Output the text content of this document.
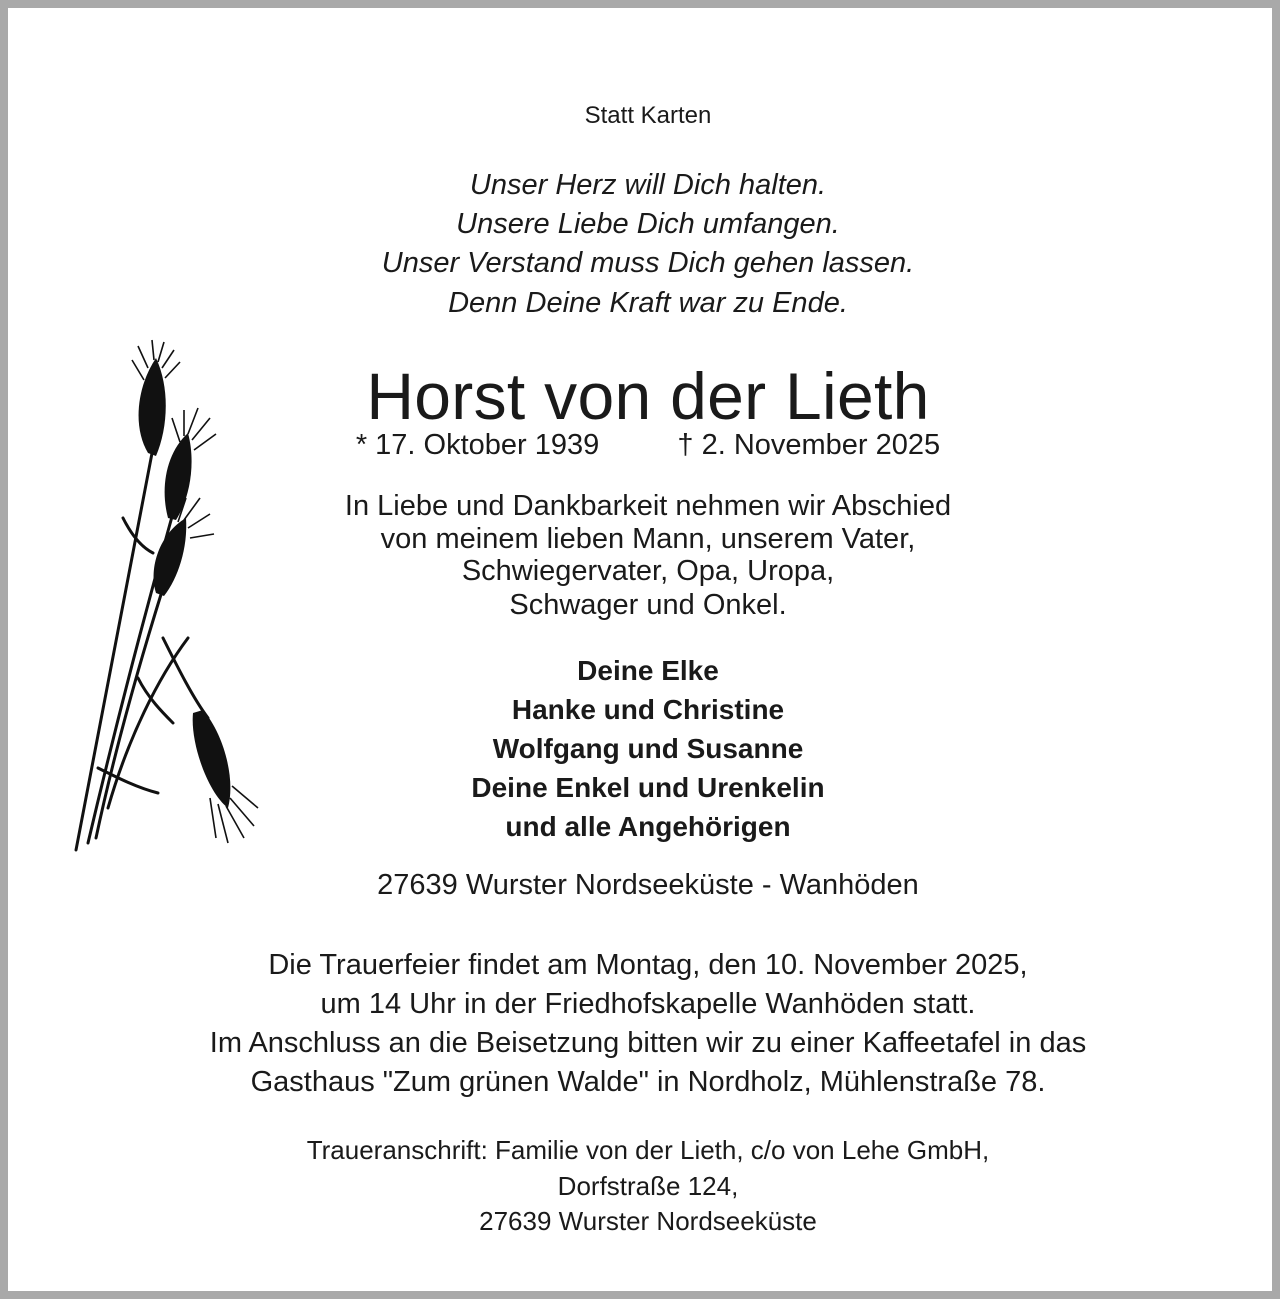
Statt Karten
Unser Herz will Dich halten.
Unsere Liebe Dich umfangen.
Unser Verstand muss Dich gehen lassen.
Denn Deine Kraft war zu Ende.
Horst von der Lieth
* 17. Oktober 1939	† 2. November 2025
In Liebe und Dankbarkeit nehmen wir Abschied
von meinem lieben Mann, unserem Vater,
Schwiegervater, Opa, Uropa,
Schwager und Onkel.
Deine Elke
Hanke und Christine
Wolfgang und Susanne
Deine Enkel und Urenkelin
und alle Angehörigen
27639 Wurster Nordseeküste - Wanhöden
Die Trauerfeier findet am Montag, den 10. November 2025,
um 14 Uhr in der Friedhofskapelle Wanhöden statt.
Im Anschluss an die Beisetzung bitten wir zu einer Kaffeetafel in das
Gasthaus "Zum grünen Walde" in Nordholz, Mühlenstraße 78.
Traueranschrift: Familie von der Lieth, c/o von Lehe GmbH,
Dorfstraße 124,
27639 Wurster Nordseeküste
